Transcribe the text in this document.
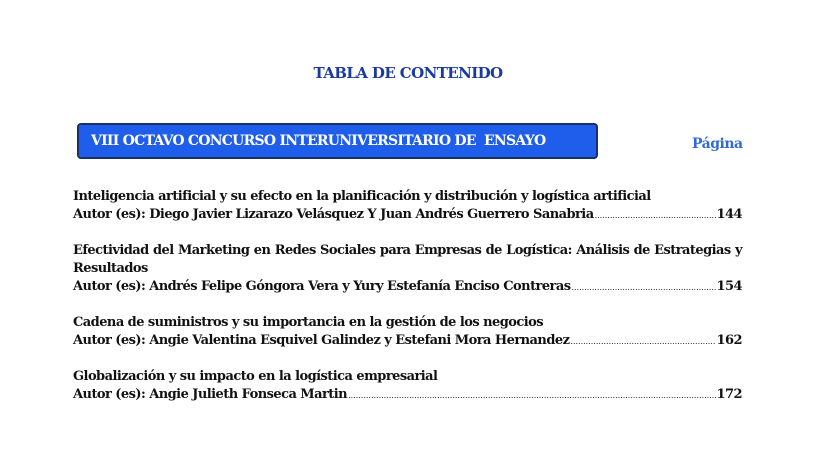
TABLA DE CONTENIDO
VIII OCTAVO CONCURSO INTERUNIVERSITARIO DE  ENSAYO	Página
Inteligencia artificial y su efecto en la planificación y distribución y logística artificial
Autor (es): Diego Javier Lizarazo Velásquez Y Juan Andrés Guerrero Sanabria .....	144
Efectividad del Marketing en Redes Sociales para Empresas de Logística: Análisis de Estrategias y Resultados
Autor (es): Andrés Felipe Góngora Vera y Yury Estefanía Enciso Contreras .....	154
Cadena de suministros y su importancia en la gestión de los negocios
Autor (es): Angie Valentina Esquivel Galindez y Estefani Mora Hernandez .....	162
Globalización y su impacto en la logística empresarial
Autor (es): Angie Julieth Fonseca Martin .....	172
